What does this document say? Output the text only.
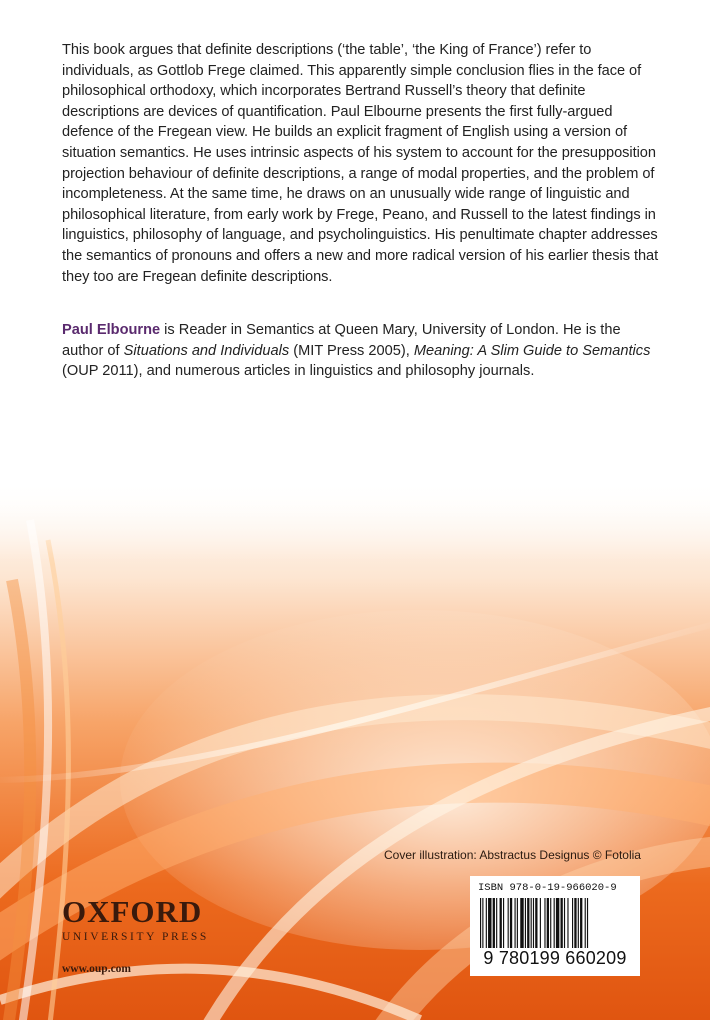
This book argues that definite descriptions (‘the table’, ‘the King of France’) refer to individuals, as Gottlob Frege claimed. This apparently simple conclusion flies in the face of philosophical orthodoxy, which incorporates Bertrand Russell’s theory that definite descriptions are devices of quantification. Paul Elbourne presents the first fully-argued defence of the Fregean view. He builds an explicit fragment of English using a version of situation semantics. He uses intrinsic aspects of his system to account for the presupposition projection behaviour of definite descriptions, a range of modal properties, and the problem of incompleteness. At the same time, he draws on an unusually wide range of linguistic and philosophical literature, from early work by Frege, Peano, and Russell to the latest findings in linguistics, philosophy of language, and psycholinguistics. His penultimate chapter addresses the semantics of pronouns and offers a new and more radical version of his earlier thesis that they too are Fregean definite descriptions.

Paul Elbourne is Reader in Semantics at Queen Mary, University of London. He is the author of Situations and Individuals (MIT Press 2005), Meaning: A Slim Guide to Semantics (OUP 2011), and numerous articles in linguistics and philosophy journals.

Cover illustration: Abstractus Designus © Fotolia
OXFORD
UNIVERSITY PRESS
www.oup.com
ISBN 978-0-19-966020-9
9 780199 660209
